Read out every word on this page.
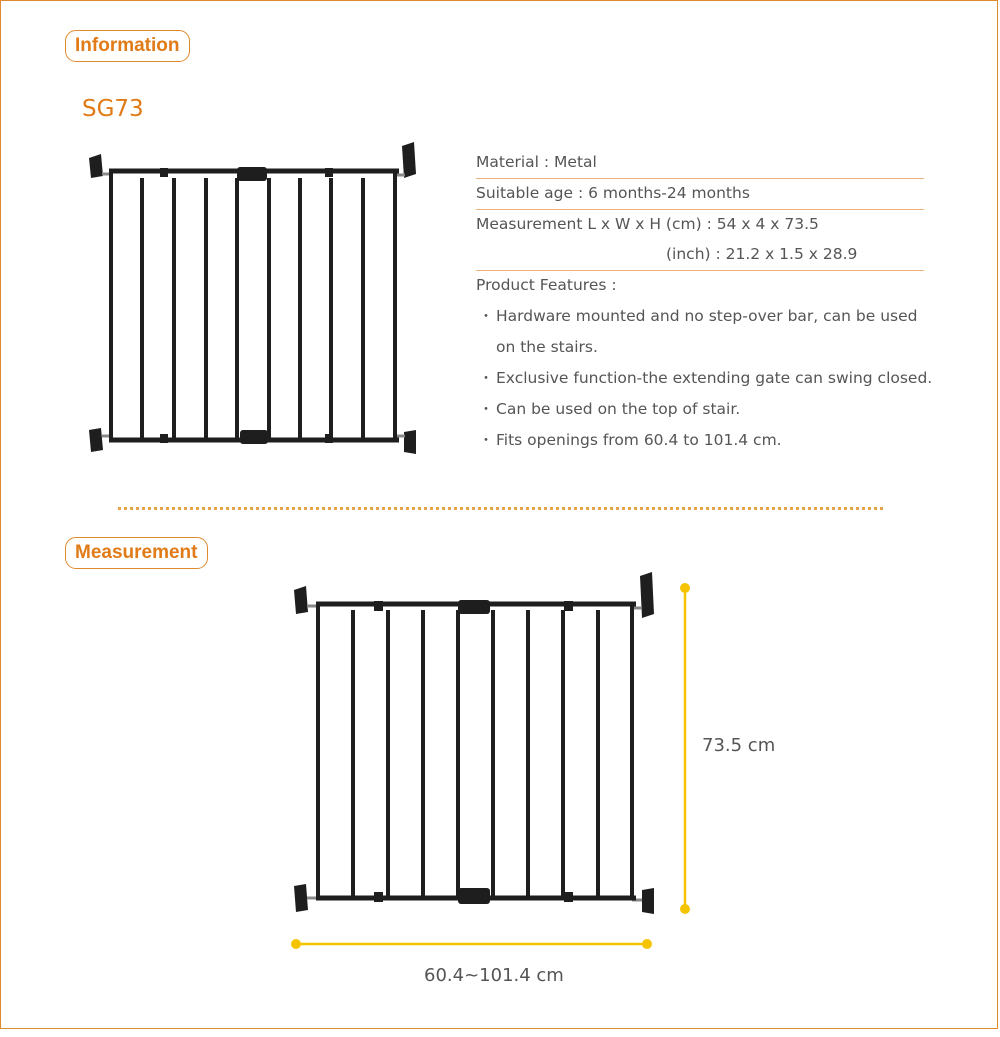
Information
SG73
Material : Metal
Suitable age : 6 months-24 months
Measurement L x W x H (cm) : 54 x 4 x 73.5
(inch) : 21.2 x 1.5 x 28.9
Product Features :
・ Hardware mounted and no step-over bar, can be used
on the stairs.
・ Exclusive function-the extending gate can swing closed.
・ Can be used on the top of stair.
・ Fits openings from 60.4 to 101.4 cm.
Measurement
73.5 cm
60.4~101.4 cm
